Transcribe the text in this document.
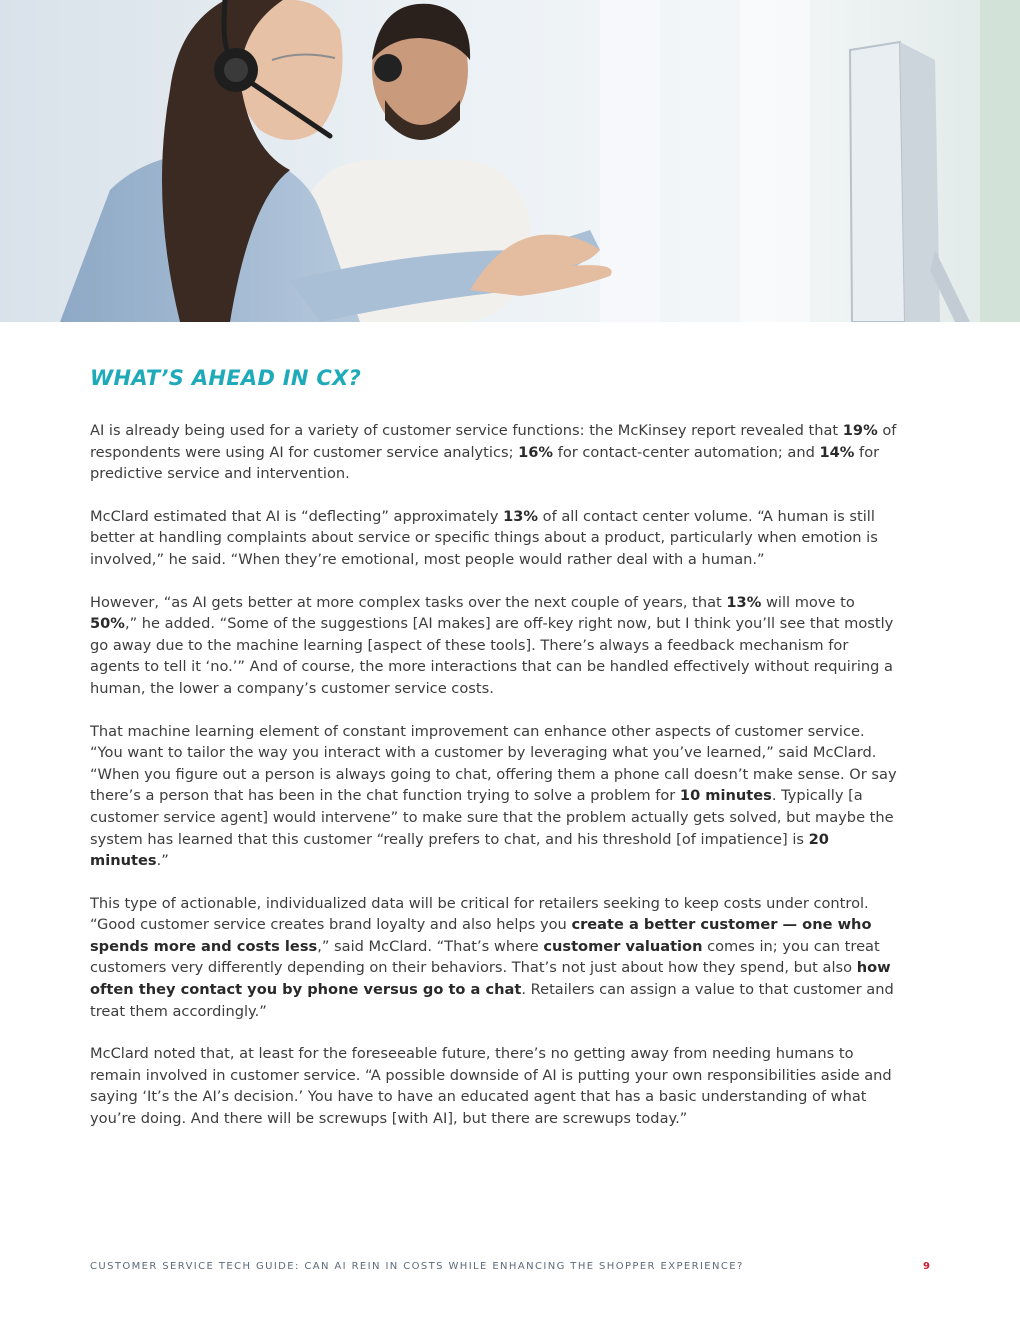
WHAT’S AHEAD IN CX?

AI is already being used for a variety of customer service functions: the McKinsey report revealed that 19% of respondents were using AI for customer service analytics; 16% for contact-center automation; and 14% for predictive service and intervention.

McClard estimated that AI is “deflecting” approximately 13% of all contact center volume. “A human is still better at handling complaints about service or specific things about a product, particularly when emotion is involved,” he said. “When they’re emotional, most people would rather deal with a human.”

However, “as AI gets better at more complex tasks over the next couple of years, that 13% will move to 50%,” he added. “Some of the suggestions [AI makes] are off-key right now, but I think you’ll see that mostly go away due to the machine learning [aspect of these tools]. There’s always a feedback mechanism for agents to tell it ‘no.’” And of course, the more interactions that can be handled effectively without requiring a human, the lower a company’s customer service costs.

That machine learning element of constant improvement can enhance other aspects of customer service. “You want to tailor the way you interact with a customer by leveraging what you’ve learned,” said McClard. “When you figure out a person is always going to chat, offering them a phone call doesn’t make sense. Or say there’s a person that has been in the chat function trying to solve a problem for 10 minutes. Typically [a customer service agent] would intervene” to make sure that the problem actually gets solved, but maybe the system has learned that this customer “really prefers to chat, and his threshold [of impatience] is 20 minutes.”

This type of actionable, individualized data will be critical for retailers seeking to keep costs under control. “Good customer service creates brand loyalty and also helps you create a better customer — one who spends more and costs less,” said McClard. “That’s where customer valuation comes in; you can treat customers very differently depending on their behaviors. That’s not just about how they spend, but also how often they contact you by phone versus go to a chat. Retailers can assign a value to that customer and treat them accordingly.”

McClard noted that, at least for the foreseeable future, there’s no getting away from needing humans to remain involved in customer service. “A possible downside of AI is putting your own responsibilities aside and saying ‘It’s the AI’s decision.’ You have to have an educated agent that has a basic understanding of what you’re doing. And there will be screwups [with AI], but there are screwups today.”

CUSTOMER SERVICE TECH GUIDE: CAN AI REIN IN COSTS WHILE ENHANCING THE SHOPPER EXPERIENCE?	9
